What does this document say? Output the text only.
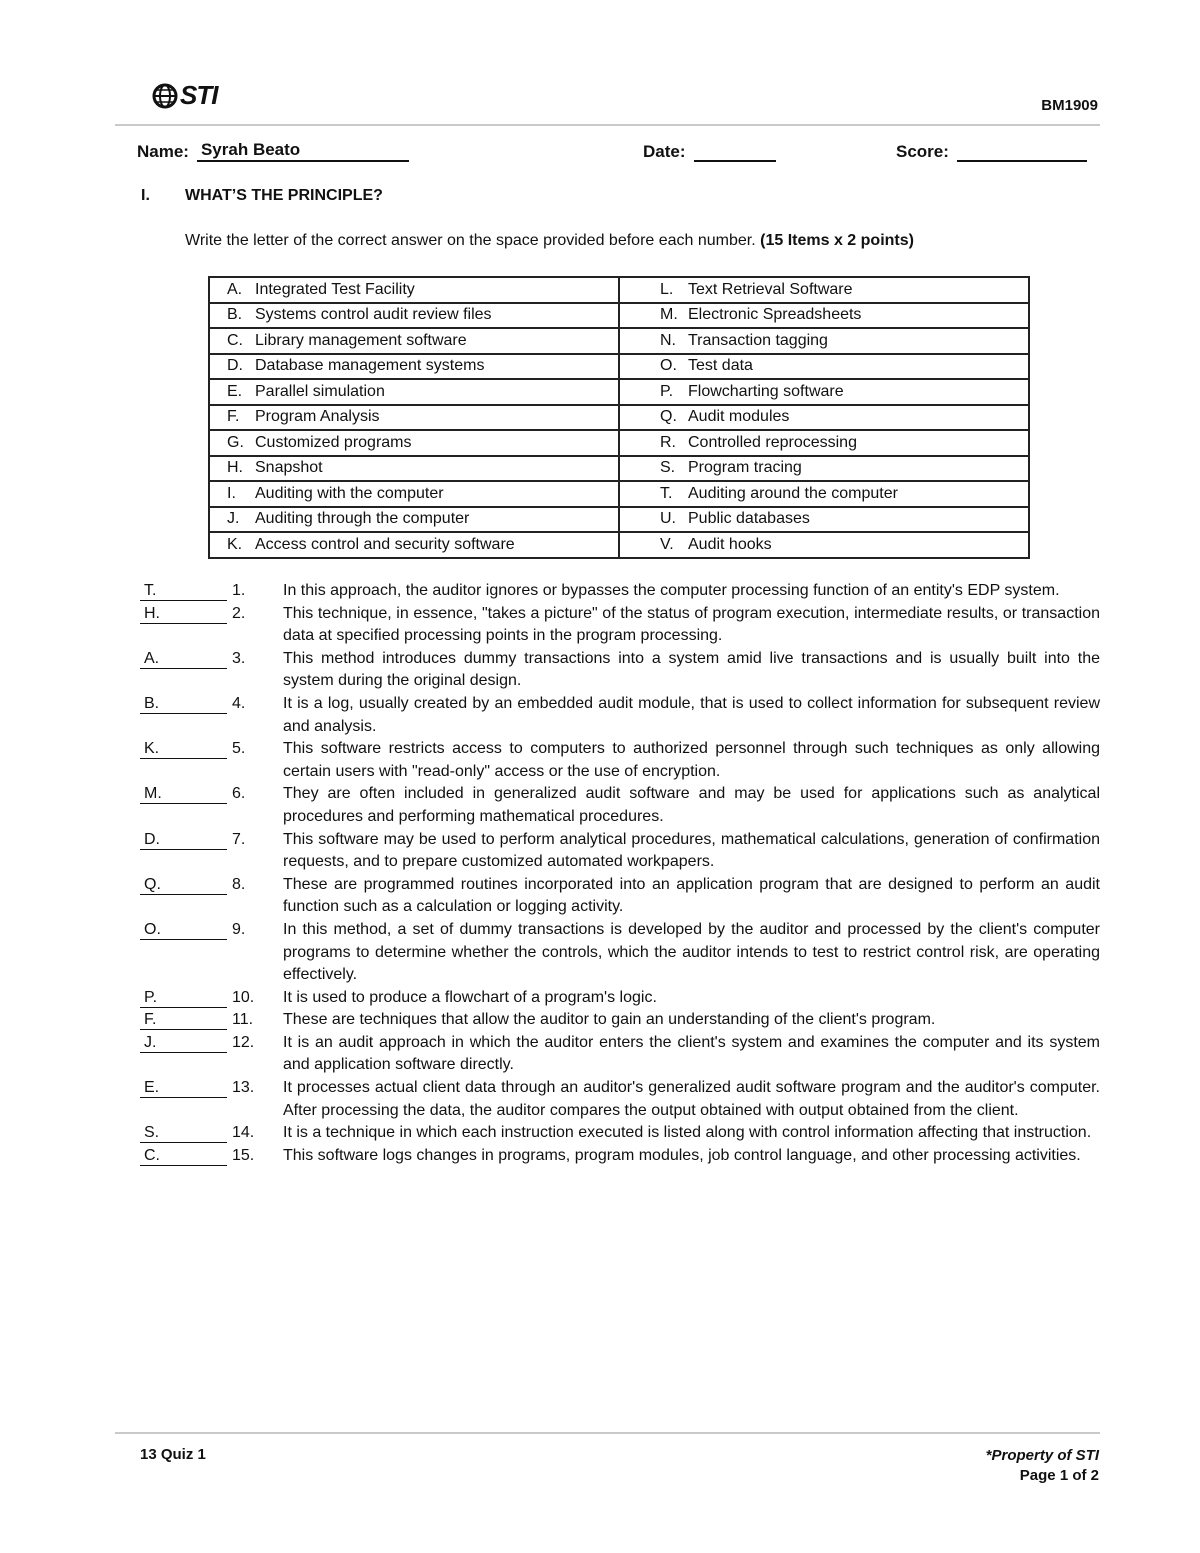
STI	BM1909
Name: Syrah Beato	Date:	Score:
I. WHAT’S THE PRINCIPLE?
Write the letter of the correct answer on the space provided before each number. (15 Items x 2 points)
A. Integrated Test Facility	L. Text Retrieval Software
B. Systems control audit review files	M. Electronic Spreadsheets
C. Library management software	N. Transaction tagging
D. Database management systems	O. Test data
E. Parallel simulation	P. Flowcharting software
F. Program Analysis	Q. Audit modules
G. Customized programs	R. Controlled reprocessing
H. Snapshot	S. Program tracing
I. Auditing with the computer	T. Auditing around the computer
J. Auditing through the computer	U. Public databases
K. Access control and security software	V. Audit hooks
T.	1. In this approach, the auditor ignores or bypasses the computer processing function of an entity's EDP system.
H.	2. This technique, in essence, "takes a picture" of the status of program execution, intermediate results, or transaction data at specified processing points in the program processing.
A.	3. This method introduces dummy transactions into a system amid live transactions and is usually built into the system during the original design.
B.	4. It is a log, usually created by an embedded audit module, that is used to collect information for subsequent review and analysis.
K.	5. This software restricts access to computers to authorized personnel through such techniques as only allowing certain users with "read-only" access or the use of encryption.
M.	6. They are often included in generalized audit software and may be used for applications such as analytical procedures and performing mathematical procedures.
D.	7. This software may be used to perform analytical procedures, mathematical calculations, generation of confirmation requests, and to prepare customized automated workpapers.
Q.	8. These are programmed routines incorporated into an application program that are designed to perform an audit function such as a calculation or logging activity.
O.	9. In this method, a set of dummy transactions is developed by the auditor and processed by the client's computer programs to determine whether the controls, which the auditor intends to test to restrict control risk, are operating effectively.
P.	10. It is used to produce a flowchart of a program's logic.
F.	11. These are techniques that allow the auditor to gain an understanding of the client's program.
J.	12. It is an audit approach in which the auditor enters the client's system and examines the computer and its system and application software directly.
E.	13. It processes actual client data through an auditor's generalized audit software program and the auditor's computer. After processing the data, the auditor compares the output obtained with output obtained from the client.
S.	14. It is a technique in which each instruction executed is listed along with control information affecting that instruction.
C.	15. This software logs changes in programs, program modules, job control language, and other processing activities.
13 Quiz 1	*Property of STI
Page 1 of 2
